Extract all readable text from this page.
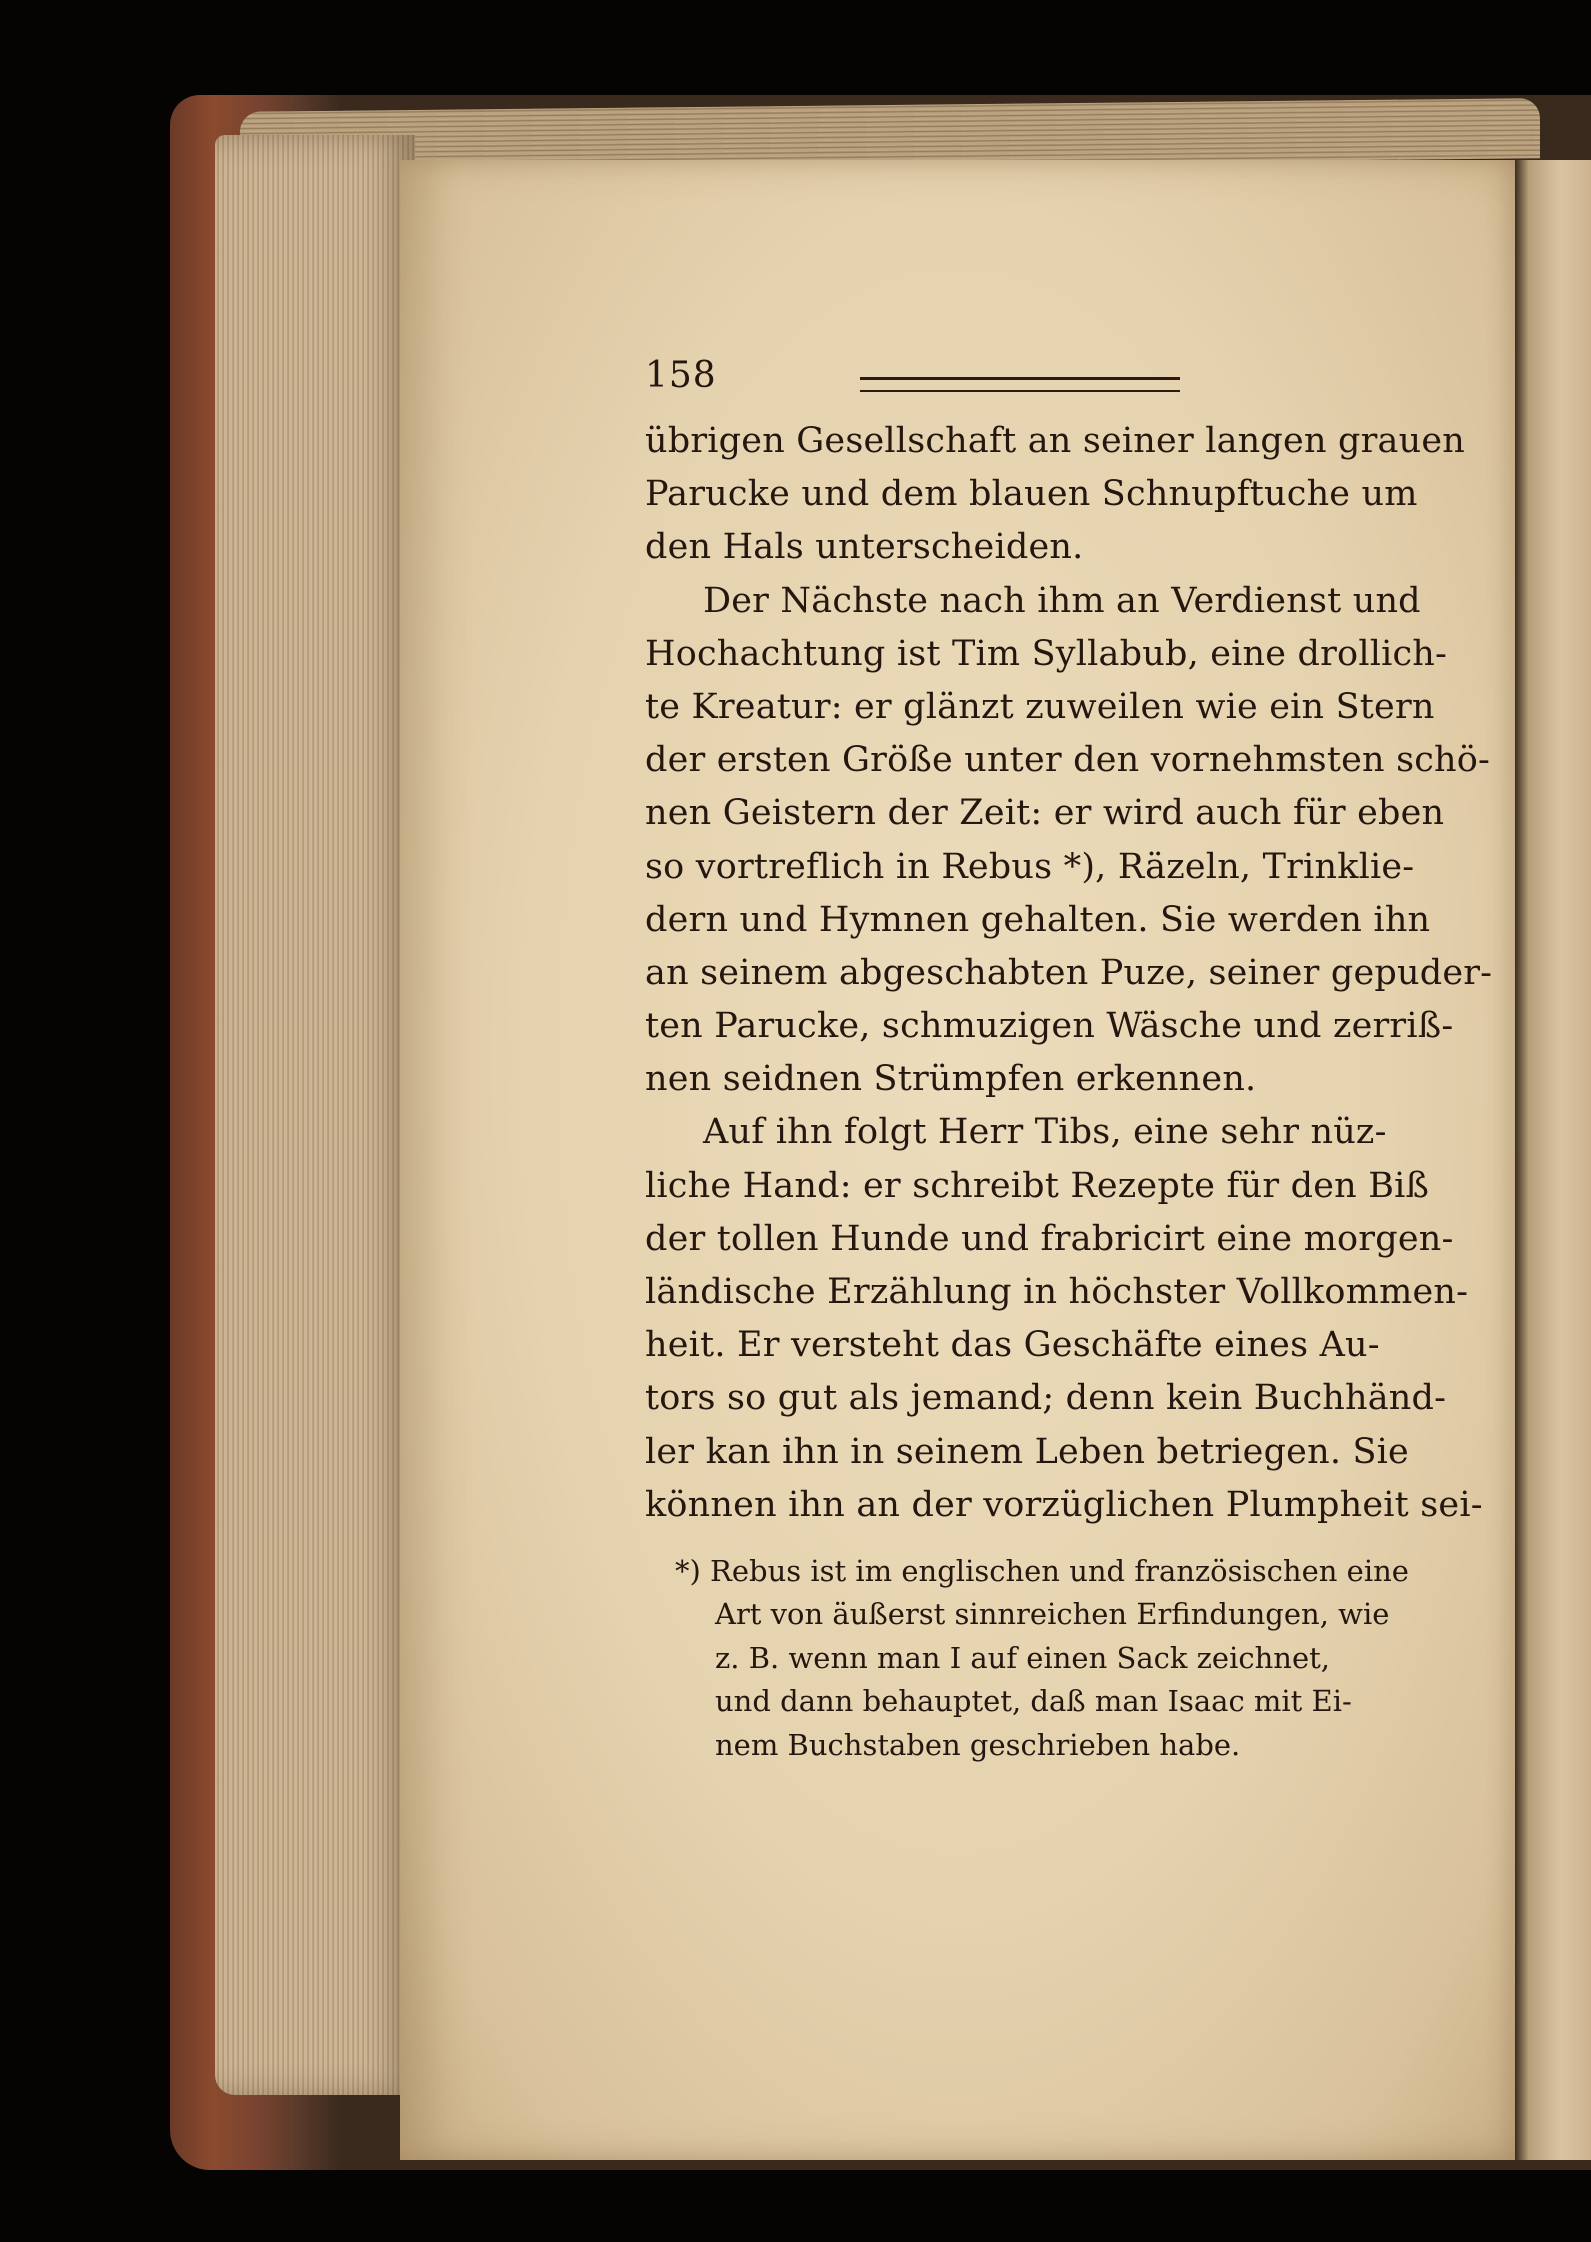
158
übrigen Gesellschaft an seiner langen grauen
Parucke und dem blauen Schnupftuche um
den Hals unterscheiden.
Der Nächste nach ihm an Verdienst und
Hochachtung ist Tim Syllabub, eine drollich-
te Kreatur: er glänzt zuweilen wie ein Stern
der ersten Größe unter den vornehmsten schö-
nen Geistern der Zeit: er wird auch für eben
so vortreflich in Rebus *), Räzeln, Trinklie-
dern und Hymnen gehalten. Sie werden ihn
an seinem abgeschabten Puze, seiner gepuder-
ten Parucke, schmuzigen Wäsche und zerriß-
nen seidnen Strümpfen erkennen.
Auf ihn folgt Herr Tibs, eine sehr nüz-
liche Hand: er schreibt Rezepte für den Biß
der tollen Hunde und frabricirt eine morgen-
ländische Erzählung in höchster Vollkommen-
heit. Er versteht das Geschäfte eines Au-
tors so gut als jemand; denn kein Buchhänd-
ler kan ihn in seinem Leben betriegen. Sie
können ihn an der vorzüglichen Plumpheit sei-
*) Rebus ist im englischen und französischen eine
Art von äußerst sinnreichen Erfindungen, wie
z. B. wenn man I auf einen Sack zeichnet,
und dann behauptet, daß man Isaac mit Ei-
nem Buchstaben geschrieben habe.
